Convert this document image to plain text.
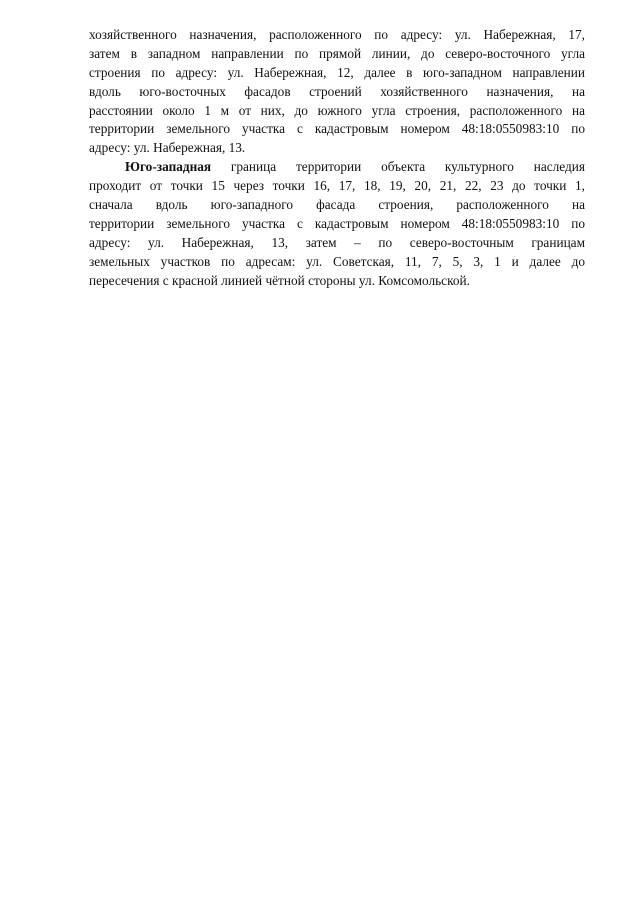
хозяйственного назначения, расположенного по адресу: ул. Набережная, 17,
затем в западном направлении по прямой линии, до северо-восточного угла
строения по адресу: ул. Набережная, 12, далее в юго-западном направлении
вдоль юго-восточных фасадов строений хозяйственного назначения, на
расстоянии около 1 м от них, до южного угла строения, расположенного на
территории земельного участка с кадастровым номером 48:18:0550983:10 по
адресу: ул. Набережная, 13.
Юго-западная граница территории объекта культурного наследия
проходит от точки 15 через точки 16, 17, 18, 19, 20, 21, 22, 23 до точки 1,
сначала вдоль юго-западного фасада строения, расположенного на
территории земельного участка с кадастровым номером 48:18:0550983:10 по
адресу: ул. Набережная, 13, затем – по северо-восточным границам
земельных участков по адресам: ул. Советская, 11, 7, 5, 3, 1 и далее до
пересечения с красной линией чётной стороны ул. Комсомольской.
